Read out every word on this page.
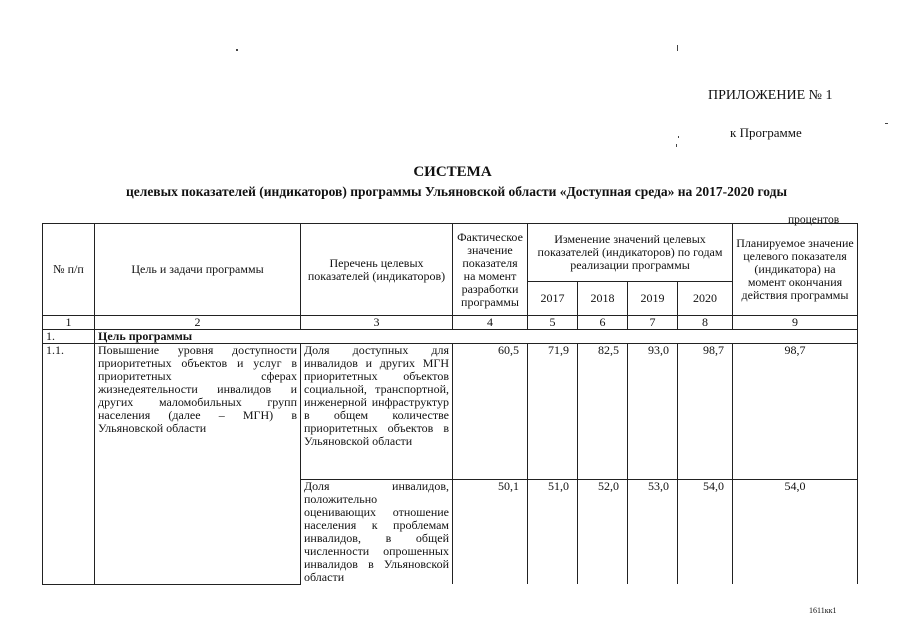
ПРИЛОЖЕНИЕ № 1
к Программе
СИСТЕМА
целевых показателей (индикаторов) программы Ульяновской области «Доступная среда» на 2017-2020 годы
процентов
№ п/п	Цель и задачи программы	Перечень целевых показателей (индикаторов)	Фактическое значение показателя на момент разработки программы	Изменение значений целевых показателей (индикаторов) по годам реализации программы				Планируемое значение целевого показателя (индикатора) на момент окончания действия программы
				2017	2018	2019	2020	
1	2	3	4	5	6	7	8	9
1.	Цель программы							
1.1.	Повышение уровня доступности приоритетных объектов и услуг в приоритетных сферах жизнедеятельности инвалидов и других маломобильных групп населения (далее – МГН) в Ульяновской области	Доля доступных для инвалидов и других МГН приоритетных объектов социальной, транспортной, инженерной инфраструктур в общем количестве приоритетных объектов в Ульяновской области	60,5	71,9	82,5	93,0	98,7	98,7
		Доля инвалидов, положительно оценивающих отношение населения к проблемам инвалидов, в общей численности опрошенных инвалидов в Ульяновской области	50,1	51,0	52,0	53,0	54,0	54,0
1611кк1
